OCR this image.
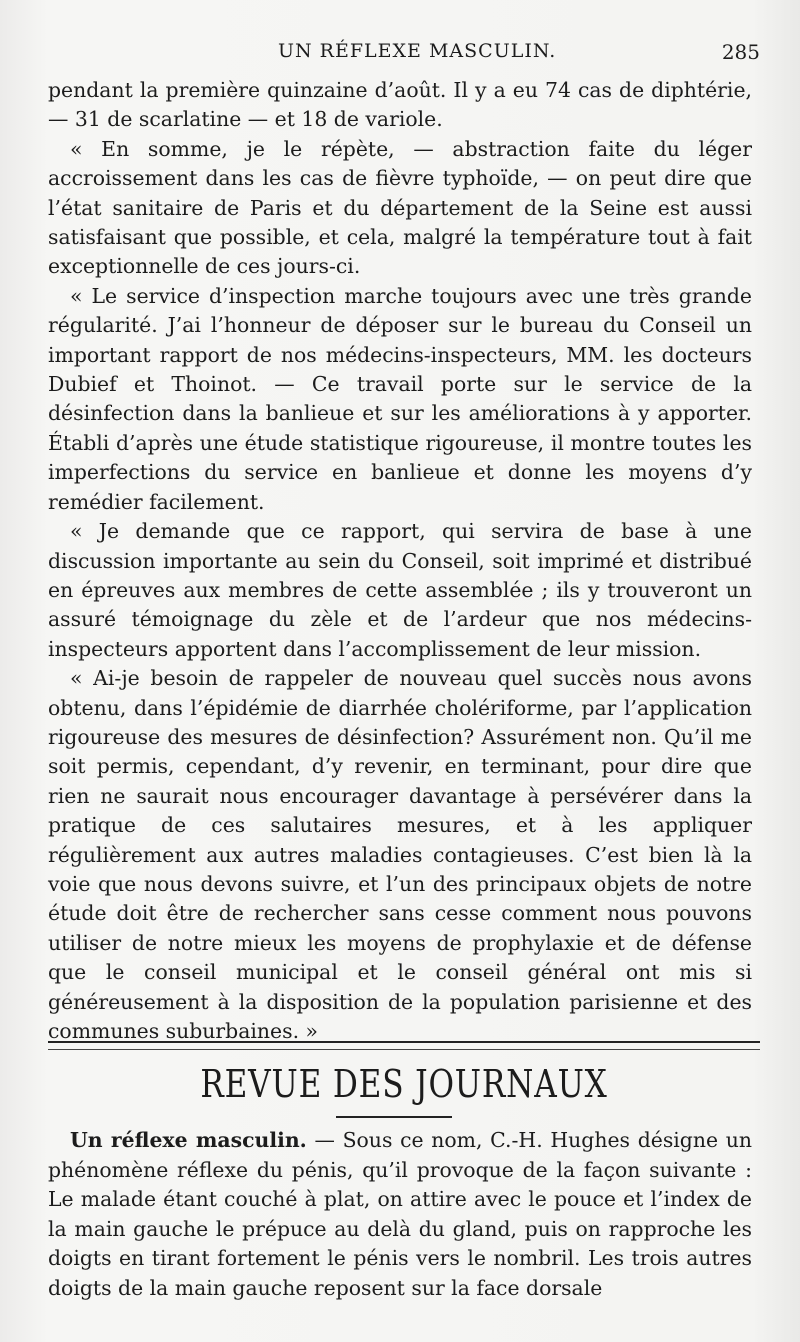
UN RÉFLEXE MASCULIN.	285

pendant la première quinzaine d’août. Il y a eu 74 cas de diphtérie, — 31 de scarlatine — et 18 de variole.

« En somme, je le répète, — abstraction faite du léger accroissement dans les cas de fièvre typhoïde, — on peut dire que l’état sanitaire de Paris et du département de la Seine est aussi satisfaisant que possible, et cela, malgré la température tout à fait exceptionnelle de ces jours-ci.

« Le service d’inspection marche toujours avec une très grande régularité. J’ai l’honneur de déposer sur le bureau du Conseil un important rapport de nos médecins-inspecteurs, MM. les docteurs Dubief et Thoinot. — Ce travail porte sur le service de la désinfection dans la banlieue et sur les améliorations à y apporter. Établi d’après une étude statistique rigoureuse, il montre toutes les imperfections du service en banlieue et donne les moyens d’y remédier facilement.

« Je demande que ce rapport, qui servira de base à une discussion importante au sein du Conseil, soit imprimé et distribué en épreuves aux membres de cette assemblée ; ils y trouveront un assuré témoignage du zèle et de l’ardeur que nos médecins-inspecteurs apportent dans l’accomplissement de leur mission.

« Ai-je besoin de rappeler de nouveau quel succès nous avons obtenu, dans l’épidémie de diarrhée cholériforme, par l’application rigoureuse des mesures de désinfection? Assurément non. Qu’il me soit permis, cependant, d’y revenir, en terminant, pour dire que rien ne saurait nous encourager davantage à persévérer dans la pratique de ces salutaires mesures, et à les appliquer régulièrement aux autres maladies contagieuses. C’est bien là la voie que nous devons suivre, et l’un des principaux objets de notre étude doit être de rechercher sans cesse comment nous pouvons utiliser de notre mieux les moyens de prophylaxie et de défense que le conseil municipal et le conseil général ont mis si généreusement à la disposition de la population parisienne et des communes suburbaines. »

REVUE DES JOURNAUX

Un réflexe masculin. — Sous ce nom, C.-H. Hughes désigne un phénomène réflexe du pénis, qu’il provoque de la façon suivante : Le malade étant couché à plat, on attire avec le pouce et l’index de la main gauche le prépuce au delà du gland, puis on rapproche les doigts en tirant fortement le pénis vers le nombril. Les trois autres doigts de la main gauche reposent sur la face dorsale
